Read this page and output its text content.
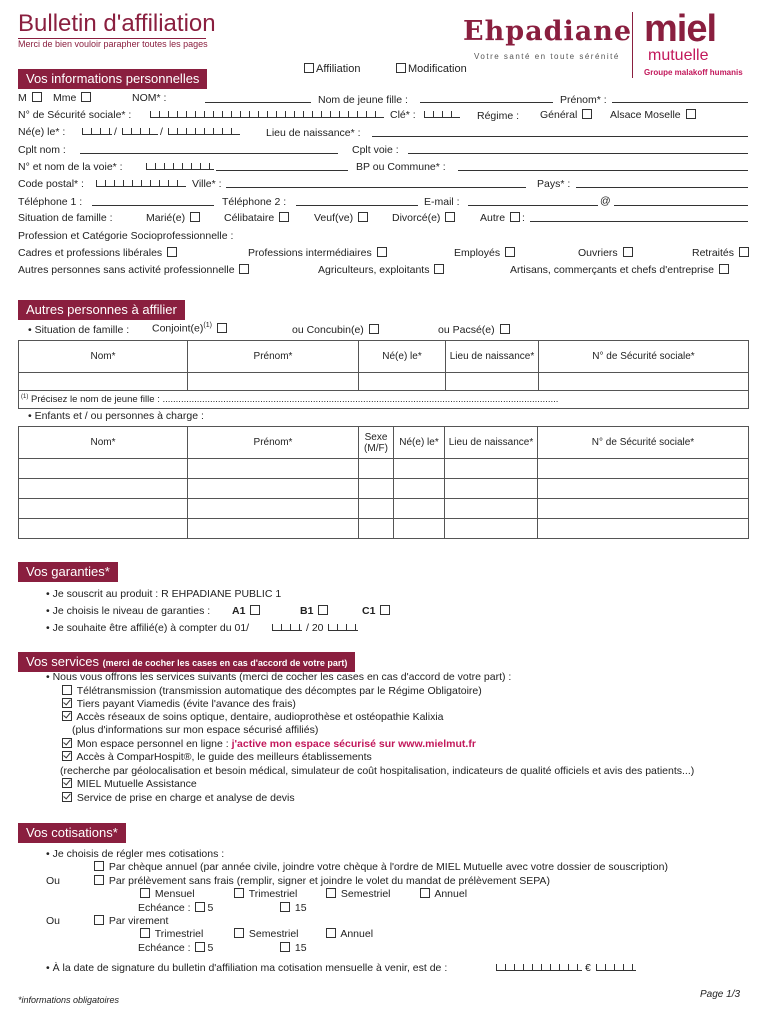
Bulletin d'affiliation
Merci de bien vouloir parapher toutes les pages	Ehpadiane
Votre santé en toute sérénité
miel
mutuelle
Groupe malakoff humanis
Affiliation	Modification
Vos informations personnelles
M	Mme	NOM* :	Nom de jeune fille :	Prénom* :
N° de Sécurité sociale* :	Clé* :	Régime : Général	Alsace Moselle
Né(e) le* :	/	/	Lieu de naissance* :
Cplt nom :	Cplt voie :
N° et nom de la voie* :	BP ou Commune* :
Code postal* :	Ville* :	Pays* :
Téléphone 1 :	Téléphone 2 :	E-mail :	@
Situation de famille :	Marié(e)	Célibataire	Veuf(ve)	Divorcé(e)	Autre :
Profession et Catégorie Socioprofessionnelle :
Cadres et professions libérales	Professions intermédiaires	Employés	Ouvriers	Retraités
Autres personnes sans activité professionnelle	Agriculteurs, exploitants	Artisans, commerçants et chefs d'entreprise
Autres personnes à affilier
• Situation de famille : $Conjoint(e)^{(1)}$	ou Concubin(e)	ou Pacsé(e)
Nom*	Prénom*	Né(e) le*	Lieu de naissance*	N° de Sécurité sociale*

$^{(1)}$ Précisez le nom de jeune fille : ......................................................................................................................................................				
• Enfants et / ou personnes à charge :
Nom*	Prénom*	Sexe (M/F)	Né(e) le*	Lieu de naissance*	N° de Sécurité sociale*

Vos garanties*
• Je souscrit au produit : R EHPADIANE PUBLIC 1
• Je choisis le niveau de garanties : A1	B1	C1
• Je souhaite être affilié(e) à compter du 01/	/ 20
Vos services (merci de cocher les cases en cas d'accord de votre part)
• Nous vous offrons les services suivants (merci de cocher les cases en cas d'accord de votre part) :
Télétransmission (transmission automatique des décomptes par le Régime Obligatoire)
Tiers payant Viamedis (évite l'avance des frais)
Accès réseaux de soins optique, dentaire, audioprothèse et ostéopathie Kalixia
(plus d'informations sur mon espace sécurisé affiliés)
Mon espace personnel en ligne : j'active mon espace sécurisé sur www.mielmut.fr
Accès à ComparHospit®, le guide des meilleurs établissements
(recherche par géolocalisation et besoin médical, simulateur de coût hospitalisation, indicateurs de qualité officiels et avis des patients...)
MIEL Mutuelle Assistance
Service de prise en charge et analyse de devis
Vos cotisations*
• Je choisis de régler mes cotisations :
Par chèque annuel (par année civile, joindre votre chèque à l'ordre de MIEL Mutuelle avec votre dossier de souscription)
Ou	Par prélèvement sans frais (remplir, signer et joindre le volet du mandat de prélèvement SEPA)
Mensuel	Trimestriel	Semestriel	Annuel
Echéance : 5	15
Ou	Par virement
Trimestriel	Semestriel	Annuel
Echéance : 5	15
• À la date de signature du bulletin d'affiliation ma cotisation mensuelle à venir, est de :	€
*informations obligatoires	Page 1/3
